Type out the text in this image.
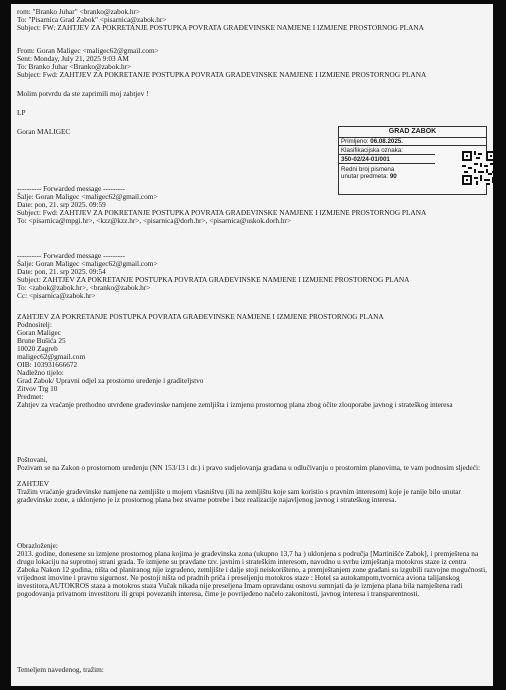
rom: "Branko Juhar" <branko@zabok.hr>
To: "Pisarnica Grad Zabok" <pisarnica@zabok.hr>
Subject: FW: ZAHTJEV ZA POKRETANJE POSTUPKA POVRATA GRAĐEVINSKE NAMJENE I IZMJENE PROSTORNOG PLANA
From: Goran Maligec <maligec62@gmail.com>
Sent: Monday, July 21, 2025 9:03 AM
To: Branko Juhar <Branko@zabok.hr>
Subject: Fwd: ZAHTJEV ZA POKRETANJE POSTUPKA POVRATA GRADEVINSKE NAMJENE I IZMJENE PROSTORNOG PLANA
Molim potvrdu da ste zaprimili moj zahtjev !
LP
Goran MALIGEC	GRAD ZABOK
Primljeno: 06.08.2025.
Klasifikacijska oznaka:
350-02/24-01/001
Redni broj pismena
unutar predmeta: 90
---------- Forwarded message ---------
Šalje: Goran Maligec <maligec62@gmail.com>
Date: pon, 21. srp 2025. 09:59
Subject: Fwd: ZAHTJEV ZA POKRETANJE POSTUPKA POVRATA GRAĐEVINSKE NAMJENE I IZMJENE PROSTORNOG PLANA
To: <pisarnica@mpgi.hr>, <kzz@kzz.hr>, <pisarnica@dorh.hr>, <pisarnica@uskok.dorh.hr>
---------- Forwarded message ---------
Šalje: Goran Maligec <maligec62@gmail.com>
Date: pon, 21. srp 2025. 09:54
Subject: ZAHTJEV ZA POKRETANJE POSTUPKA POVRATA GRAĐEVINSKE NAMJENE I IZMJENE PROSTORNOG PLANA
To: <zabok@zabok.hr>, <branko@zabok.hr>
Cc: <pisarnica@zabok.hr>
ZAHTJEV ZA POKRETANJE POSTUPKA POVRATA GRAĐEVINSKE NAMJENE I IZMJENE PROSTORNOG PLANA
Podnositelj:
Goran Maligec
Brune Bušića 25
10020 Zagreb
maligec62@gmail.com
OIB: 103931666672
Nadležno tijelo:
Grad Zabok/ Upravni odjel za prostorno uređenje i graditeljstvo
Zitvov Trg 10
Predmet:
Zahtjev za vraćanje prethodno utvrđene građevinske namjene zemljišta i izmjenu prostornog plana zbog očite zlouporabe javnog i strateškog interesa
Poštovani,
Pozivam se na Zakon o prostornom uređenju (NN 153/13 i dr.) i pravo sudjelovanja građana u odlučivanju o prostornim planovima, te vam podnosim sljedeći:
ZAHTJEV
Tražim vraćanje građevinske namjene na zemljište u mojem vlasništvu (ili na zemljištu koje sam koristio s pravnim interesom) koje je ranije bilo unutar građevinske zone, a uklonjeno je iz prostornog plana bez stvarne potrebe i bez realizacije najavljenog javnog i strateškog interesa.
Obrazloženje:
2013. godine, donesene su izmjene prostornog plana kojima je građevinska zona (ukupno 13,7 ha ) uklonjena s područja [Martinišće Zabok], i premještena na drugu lokaciju na suprotnoj strani grada. Te izmjene su pravdane tzv. javnim i strateškim interesom, navodno u svrhu izmještanja motokros staze iz centra Zaboka Nakon 12 godina, ništa od planiranog nije izgrađeno, zemljište i dalje stoji neiskorišteno, a premještanjem zone građani su izgubili razvojne mogućnosti, vrijednost imovine i pravnu sigurnost. Ne postoji ništa od pradnih priča i preseljenju motokros staze : Hotel sa autokampom,tvornica aviona talijanskog investitora,AUTOKROS staza a motokros staza Vučak nikada nije preseljena Imam opravdanu osnovu sumnjati da je izmjena plana bila namještena radi pogodovanja privatnom investitoru ili grupi povezanih interesa, čime je povrijeđeno načelo zakonitosti, javnog interesa i transparentnosti.
Temeljem navedenog, tražim:
